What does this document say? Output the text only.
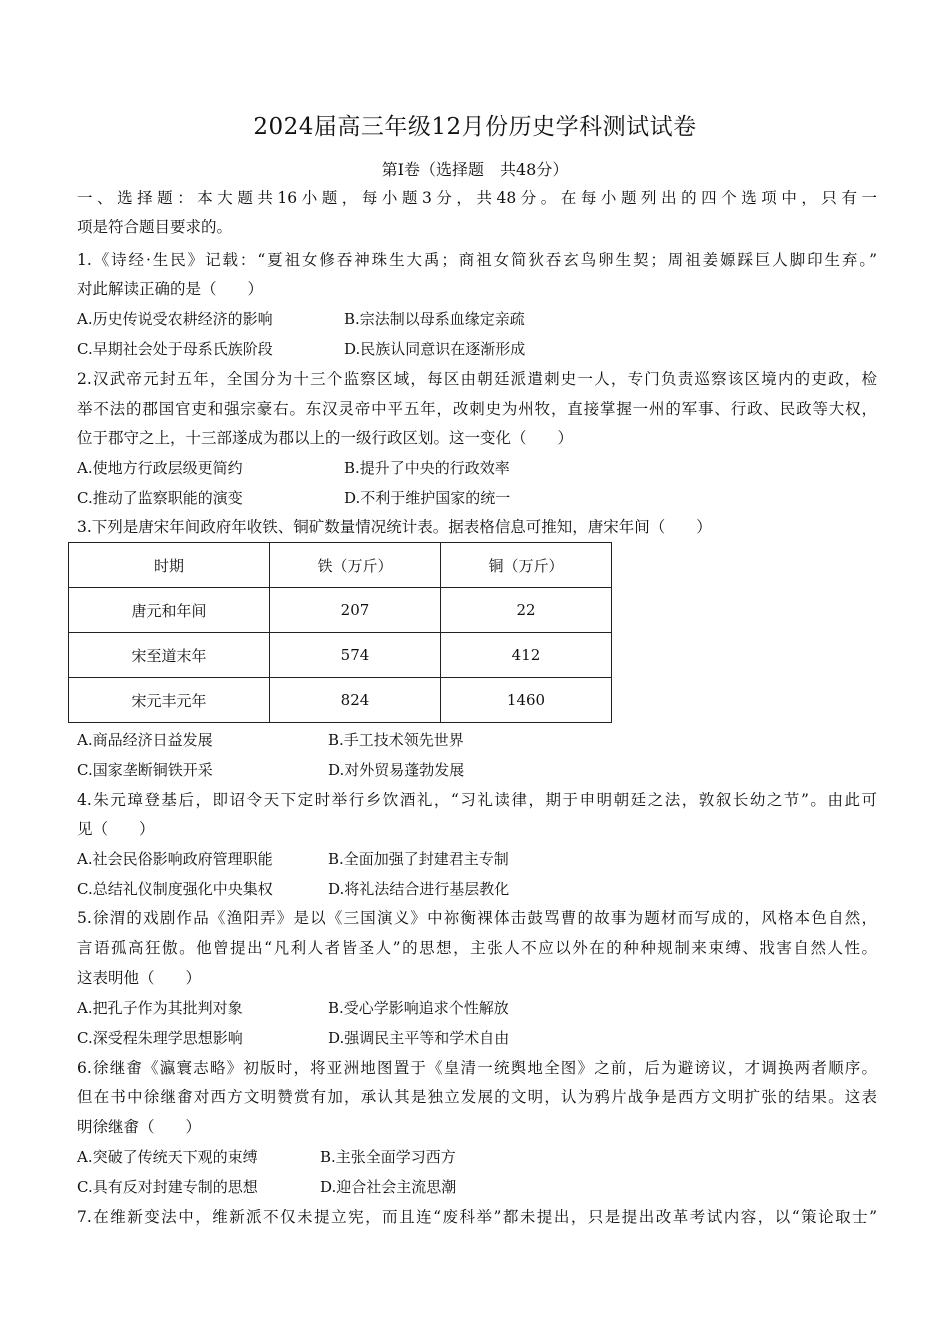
2024届高三年级12月份历史学科测试试卷
第Ⅰ卷（选择题　共48分）
一、选择题：本大题共16小题，每小题3分，共48分。在每小题列出的四个选项中，只有一
项是符合题目要求的。
1.《诗经·生民》记载：“夏祖女修吞神珠生大禹；商祖女简狄吞玄鸟卵生契；周祖姜嫄踩巨人脚印生弃。”
对此解读正确的是（　　）
A.历史传说受农耕经济的影响	B.宗法制以母系血缘定亲疏
C.早期社会处于母系氏族阶段	D.民族认同意识在逐渐形成
2.汉武帝元封五年，全国分为十三个监察区域，每区由朝廷派遣刺史一人，专门负责巡察该区境内的吏政，检
举不法的郡国官吏和强宗豪右。东汉灵帝中平五年，改刺史为州牧，直接掌握一州的军事、行政、民政等大权，
位于郡守之上，十三部遂成为郡以上的一级行政区划。这一变化（　　）
A.使地方行政层级更简约	B.提升了中央的行政效率
C.推动了监察职能的演变	D.不利于维护国家的统一
3.下列是唐宋年间政府年收铁、铜矿数量情况统计表。据表格信息可推知，唐宋年间（　　）
时期	铁（万斤）	铜（万斤）
唐元和年间	207	22
宋至道末年	574	412
宋元丰元年	824	1460
A.商品经济日益发展	B.手工技术领先世界
C.国家垄断铜铁开采	D.对外贸易蓬勃发展
4.朱元璋登基后，即诏令天下定时举行乡饮酒礼，“习礼读律，期于申明朝廷之法，敦叙长幼之节”。由此可
见（　　）
A.社会民俗影响政府管理职能	B.全面加强了封建君主专制
C.总结礼仪制度强化中央集权	D.将礼法结合进行基层教化
5.徐渭的戏剧作品《渔阳弄》是以《三国演义》中祢衡裸体击鼓骂曹的故事为题材而写成的，风格本色自然，
言语孤高狂傲。他曾提出“凡利人者皆圣人”的思想，主张人不应以外在的种种规制来束缚、戕害自然人性。
这表明他（　　）
A.把孔子作为其批判对象	B.受心学影响追求个性解放
C.深受程朱理学思想影响	D.强调民主平等和学术自由
6.徐继畬《瀛寰志略》初版时，将亚洲地图置于《皇清一统舆地全图》之前，后为避谤议，才调换两者顺序。
但在书中徐继畬对西方文明赞赏有加，承认其是独立发展的文明，认为鸦片战争是西方文明扩张的结果。这表
明徐继畬（　　）
A.突破了传统天下观的束缚	B.主张全面学习西方
C.具有反对封建专制的思想	D.迎合社会主流思潮
7.在维新变法中，维新派不仅未提立宪，而且连“废科举”都未提出，只是提出改革考试内容，以“策论取士”
